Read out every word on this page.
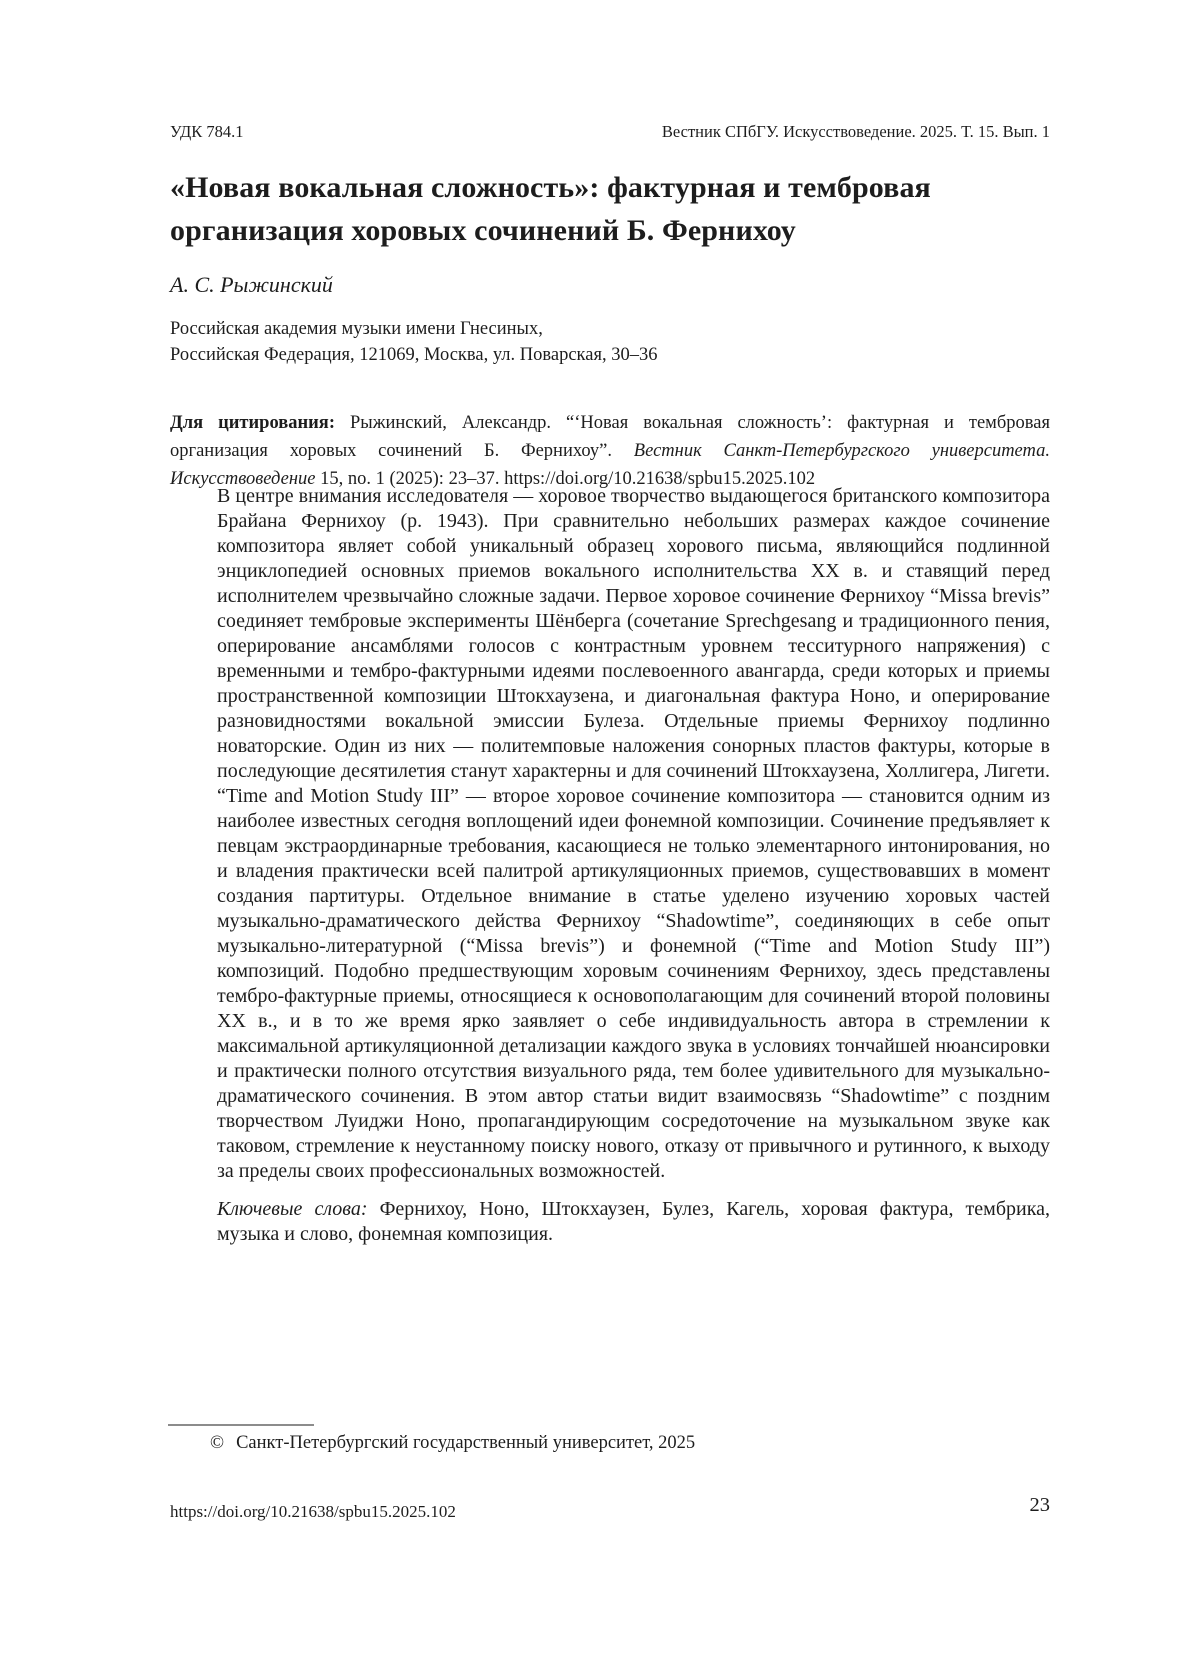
УДК 784.1	Вестник СПбГУ. Искусствоведение. 2025. Т. 15. Вып. 1
«Новая вокальная сложность»: фактурная и тембровая организация хоровых сочинений Б. Фернихоу
А. С. Рыжинский
Российская академия музыки имени Гнесиных,
Российская Федерация, 121069, Москва, ул. Поварская, 30–36

Для цитирования: Рыжинский, Александр. “‘Новая вокальная сложность’: фактурная и тембровая организация хоровых сочинений Б. Фернихоу”. Вестник Санкт-Петербургского университета. Искусствоведение 15, no. 1 (2025): 23–37. https://doi.org/10.21638/spbu15.2025.102

В центре внимания исследователя — хоровое творчество выдающегося британского композитора Брайана Фернихоу (р. 1943). При сравнительно небольших размерах каждое сочинение композитора являет собой уникальный образец хорового письма, являющийся подлинной энциклопедией основных приемов вокального исполнительства XX в. и ставящий перед исполнителем чрезвычайно сложные задачи. Первое хоровое сочинение Фернихоу “Missa brevis” соединяет тембровые эксперименты Шёнберга (сочетание Sprechgesang и традиционного пения, оперирование ансамблями голосов с контрастным уровнем тесситурного напряжения) с временными и тембро-фактурными идеями послевоенного авангарда, среди которых и приемы пространственной композиции Штокхаузена, и диагональная фактура Ноно, и оперирование разновидностями вокальной эмиссии Булеза. Отдельные приемы Фернихоу подлинно новаторские. Один из них — политемповые наложения сонорных пластов фактуры, которые в последующие десятилетия станут характерны и для сочинений Штокхаузена, Холлигера, Лигети. “Time and Motion Study III” — второе хоровое сочинение композитора — становится одним из наиболее известных сегодня воплощений идеи фонемной композиции. Сочинение предъявляет к певцам экстраординарные требования, касающиеся не только элементарного интонирования, но и владения практически всей палитрой артикуляционных приемов, существовавших в момент создания партитуры. Отдельное внимание в статье уделено изучению хоровых частей музыкально-драматического действа Фернихоу “Shadowtime”, соединяющих в себе опыт музыкально-литературной (“Missa brevis”) и фонемной (“Time and Motion Study III”) композиций. Подобно предшествующим хоровым сочинениям Фернихоу, здесь представлены тембро-фактурные приемы, относящиеся к основополагающим для сочинений второй половины XX в., и в то же время ярко заявляет о себе индивидуальность автора в стремлении к максимальной артикуляционной детализации каждого звука в условиях тончайшей нюансировки и практически полного отсутствия визуального ряда, тем более удивительного для музыкально-драматического сочинения. В этом автор статьи видит взаимосвязь “Shadowtime” с поздним творчеством Луиджи Ноно, пропагандирующим сосредоточение на музыкальном звуке как таковом, стремление к неустанному поиску нового, отказу от привычного и рутинного, к выходу за пределы своих профессиональных возможностей.

Ключевые слова: Фернихоу, Ноно, Штокхаузен, Булез, Кагель, хоровая фактура, тембрика, музыка и слово, фонемная композиция.

© Санкт-Петербургский государственный университет, 2025
https://doi.org/10.21638/spbu15.2025.102	23
